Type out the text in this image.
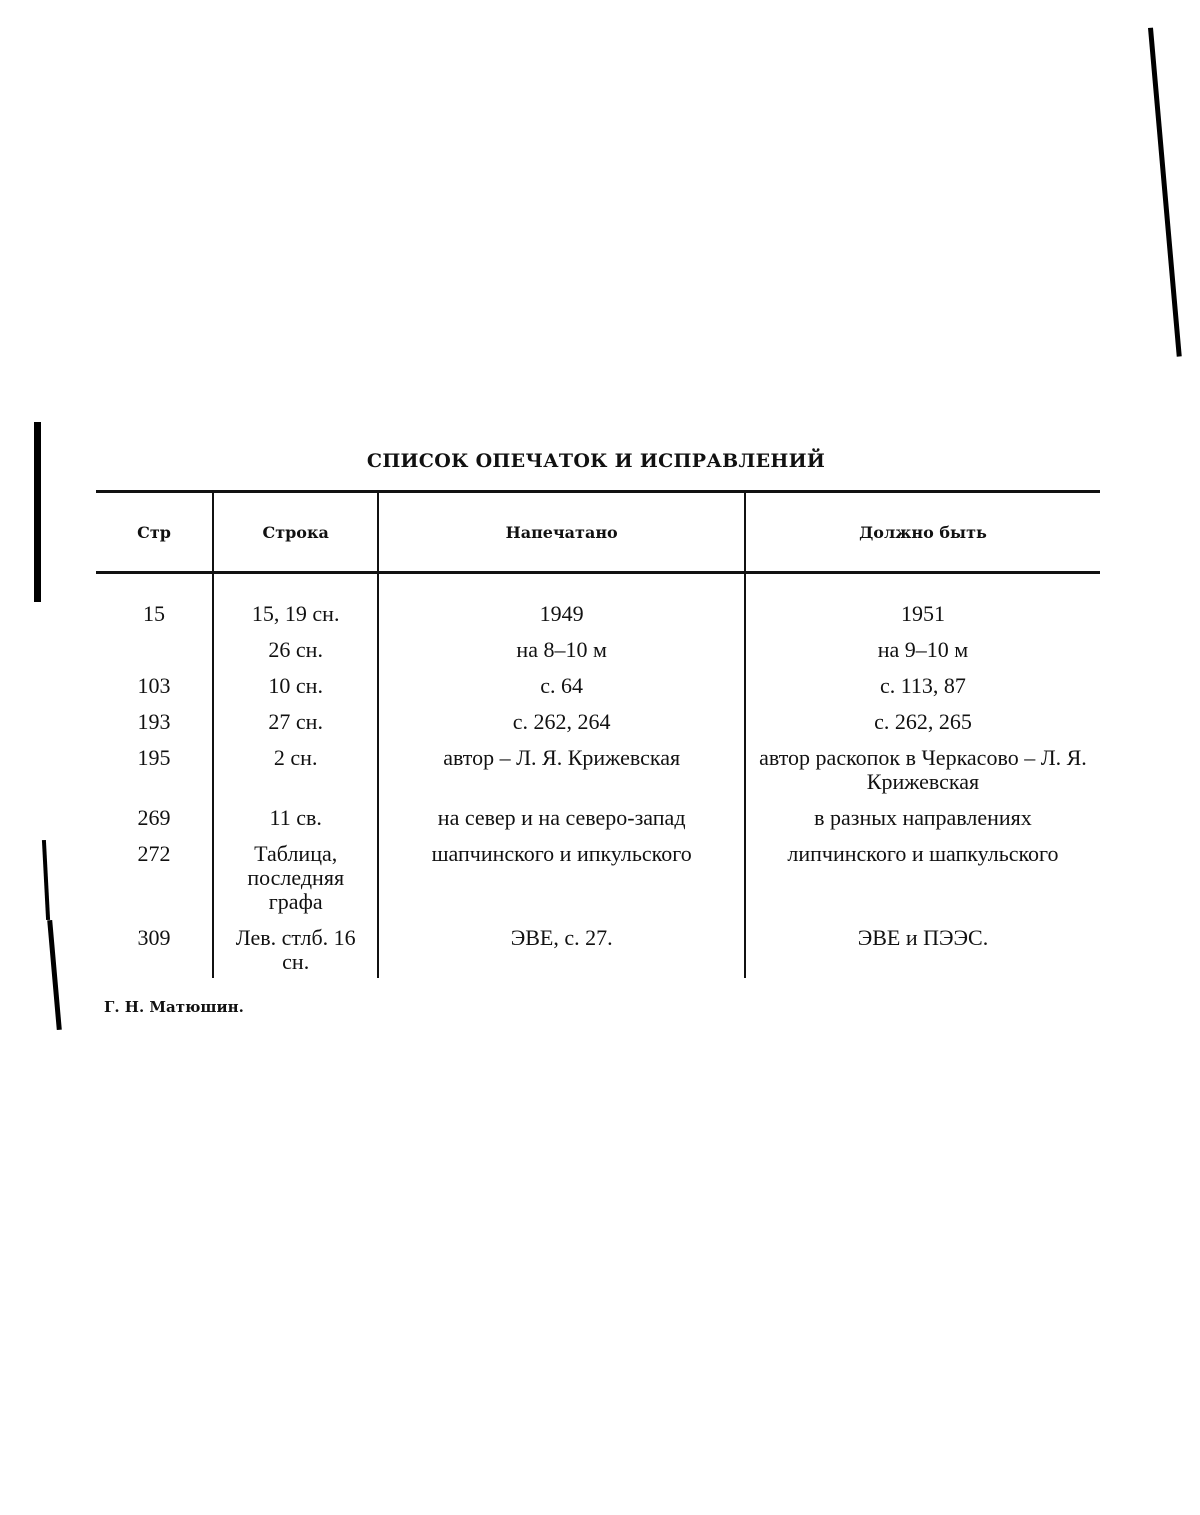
СПИСОК ОПЕЧАТОК И ИСПРАВЛЕНИЙ
Стр	Строка	Напечатано	Должно быть
15	15, 19 сн.	1949	1951
	26 сн.	на 8–10 м	на 9–10 м
103	10 сн.	с. 64	с. 113, 87
193	27 сн.	с. 262, 264	с. 262, 265
195	2 сн.	автор – Л. Я. Крижевская	автор раскопок в Черкасово – Л. Я. Крижевская
269	11 св.	на север и на северо-запад	в разных направлениях
272	Таблица, последняя графа	шапчинского и ипкульского	липчинского и шапкульского
309	Лев. стлб. 16 сн.	ЭВЕ, с. 27.	ЭВЕ и ПЭЭС.
Г. Н. Матюшин.
